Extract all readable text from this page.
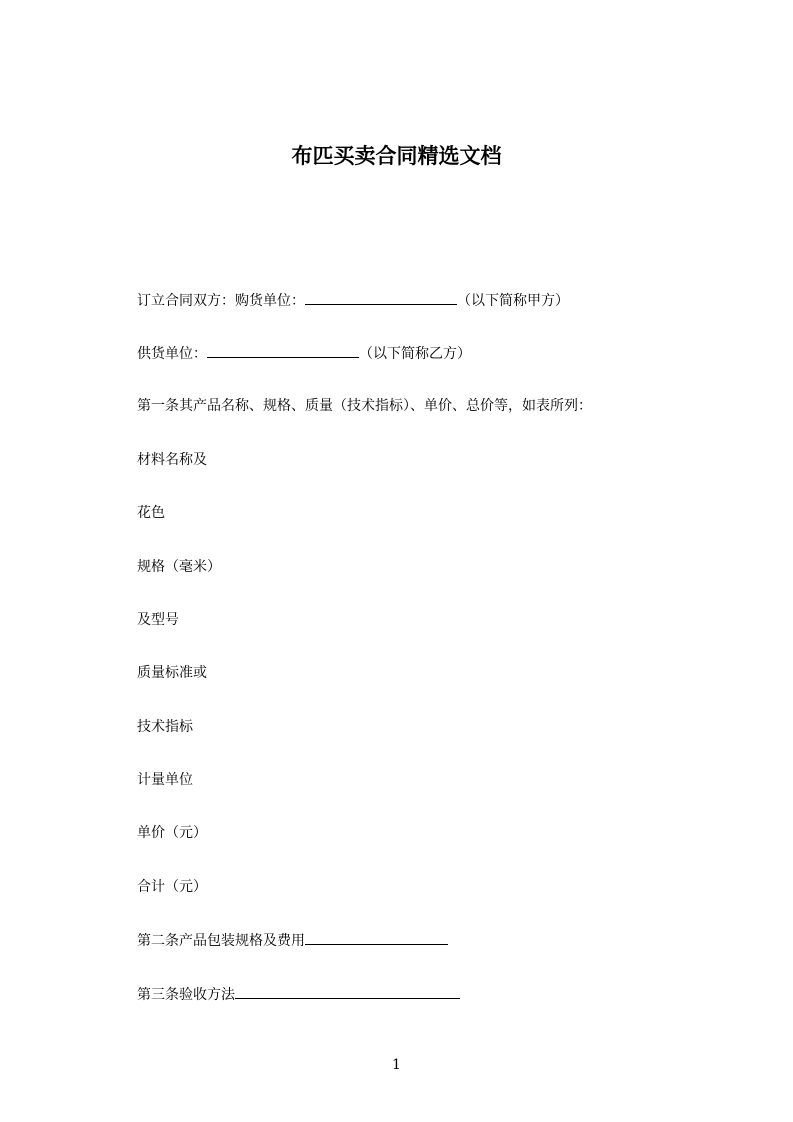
布匹买卖合同精选文档

订立合同双方：购货单位：	（以下简称甲方）

供货单位：	（以下简称乙方）

第一条其产品名称、规格、质量（技术指标）、单价、总价等，如表所列：

材料名称及

花色

规格（毫米）

及型号

质量标准或

技术指标

计量单位

单价（元）

合计（元）

第二条产品包装规格及费用

第三条验收方法

1
